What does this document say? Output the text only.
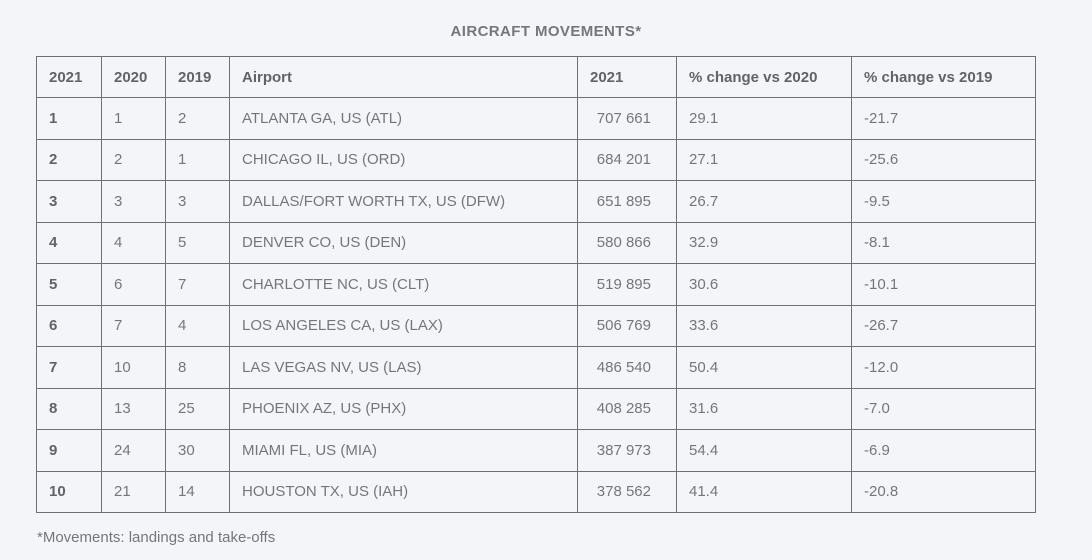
AIRCRAFT MOVEMENTS*
2021	2020	2019	Airport	2021	% change vs 2020	% change vs 2019
1	1	2	ATLANTA GA, US (ATL)	707 661	29.1	-21.7
2	2	1	CHICAGO IL, US (ORD)	684 201	27.1	-25.6
3	3	3	DALLAS/FORT WORTH TX, US (DFW)	651 895	26.7	-9.5
4	4	5	DENVER CO, US (DEN)	580 866	32.9	-8.1
5	6	7	CHARLOTTE NC, US (CLT)	519 895	30.6	-10.1
6	7	4	LOS ANGELES CA, US (LAX)	506 769	33.6	-26.7
7	10	8	LAS VEGAS NV, US (LAS)	486 540	50.4	-12.0
8	13	25	PHOENIX AZ, US (PHX)	408 285	31.6	-7.0
9	24	30	MIAMI FL, US (MIA)	387 973	54.4	-6.9
10	21	14	HOUSTON TX, US (IAH)	378 562	41.4	-20.8
*Movements: landings and take-offs
